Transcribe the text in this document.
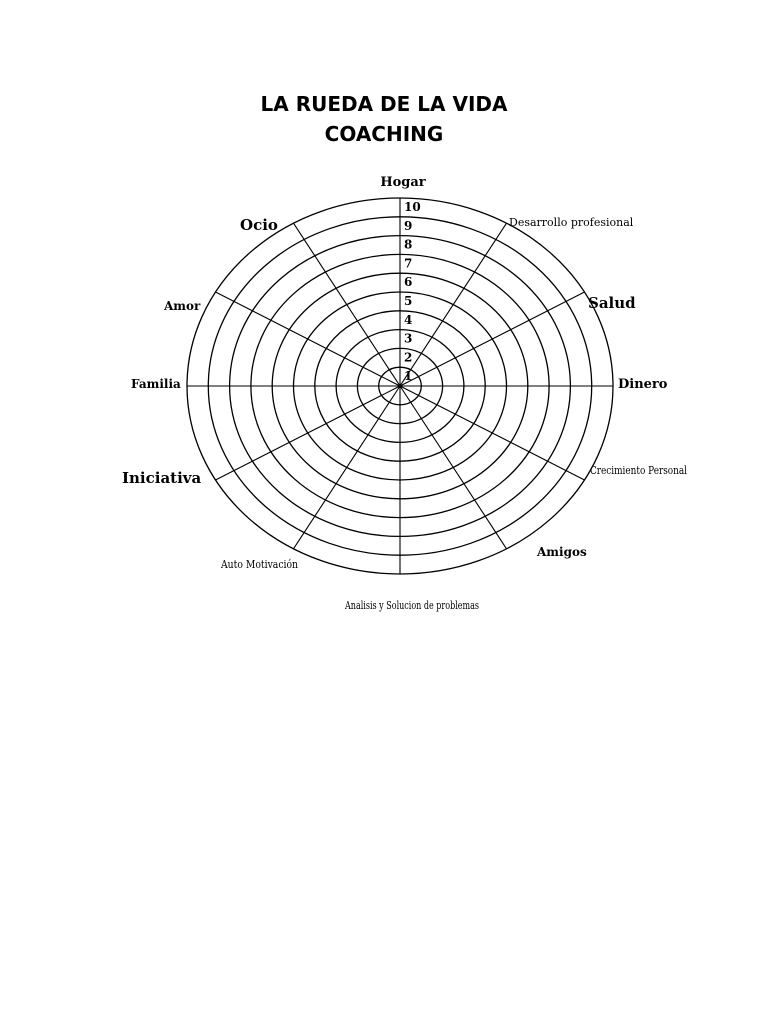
LA RUEDA DE LA VIDA
COACHING
1
2
3
4
5
6
7
8
9
10
Hogar
Desarrollo profesional
Salud
Dinero
Crecimiento Personal
Amigos
Analisis y Solucion de problemas
Auto Motivación
Iniciativa
Familia
Amor
Ocio
